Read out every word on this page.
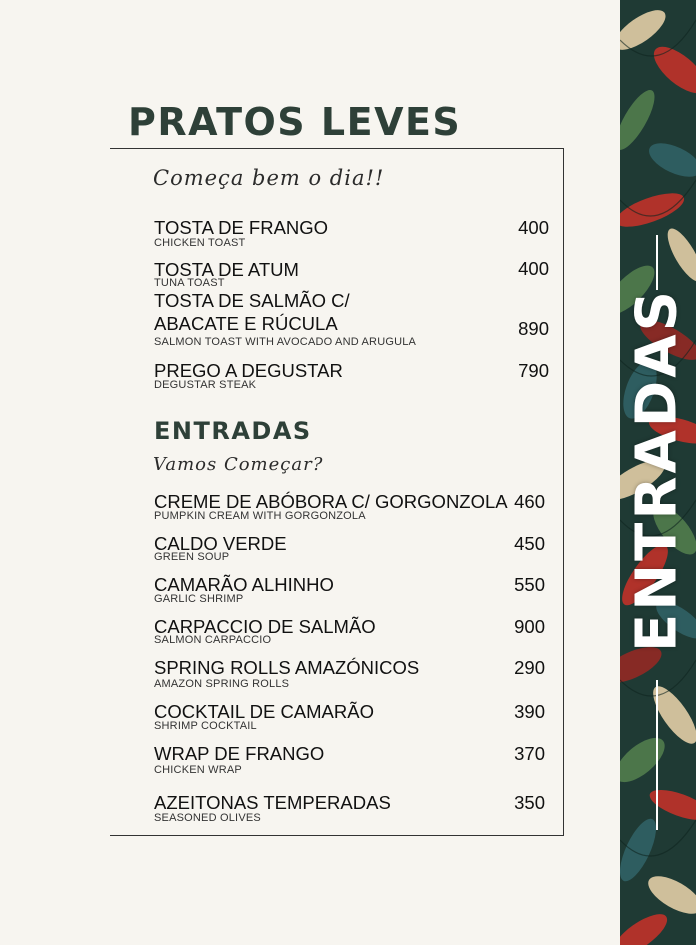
PRATOS LEVES
Começa bem o dia!!
TOSTA DE FRANGO
CHICKEN TOAST
400
TOSTA DE ATUM
TUNA TOAST
400
TOSTA DE SALMÃO C/
ABACATE E RÚCULA
SALMON TOAST WITH AVOCADO AND ARUGULA
890
PREGO A DEGUSTAR
DEGUSTAR STEAK
790
ENTRADAS
Vamos Começar?
CREME DE ABÓBORA C/ GORGONZOLA
PUMPKIN CREAM WITH GORGONZOLA
460
CALDO VERDE
GREEN SOUP
450
CAMARÃO ALHINHO
GARLIC SHRIMP
550
CARPACCIO DE SALMÃO
SALMON CARPACCIO
900
SPRING ROLLS AMAZÓNICOS
AMAZON SPRING ROLLS
290
COCKTAIL DE CAMARÃO
SHRIMP COCKTAIL
390
WRAP DE FRANGO
CHICKEN WRAP
370
AZEITONAS TEMPERADAS
SEASONED OLIVES
350
ENTRADAS
